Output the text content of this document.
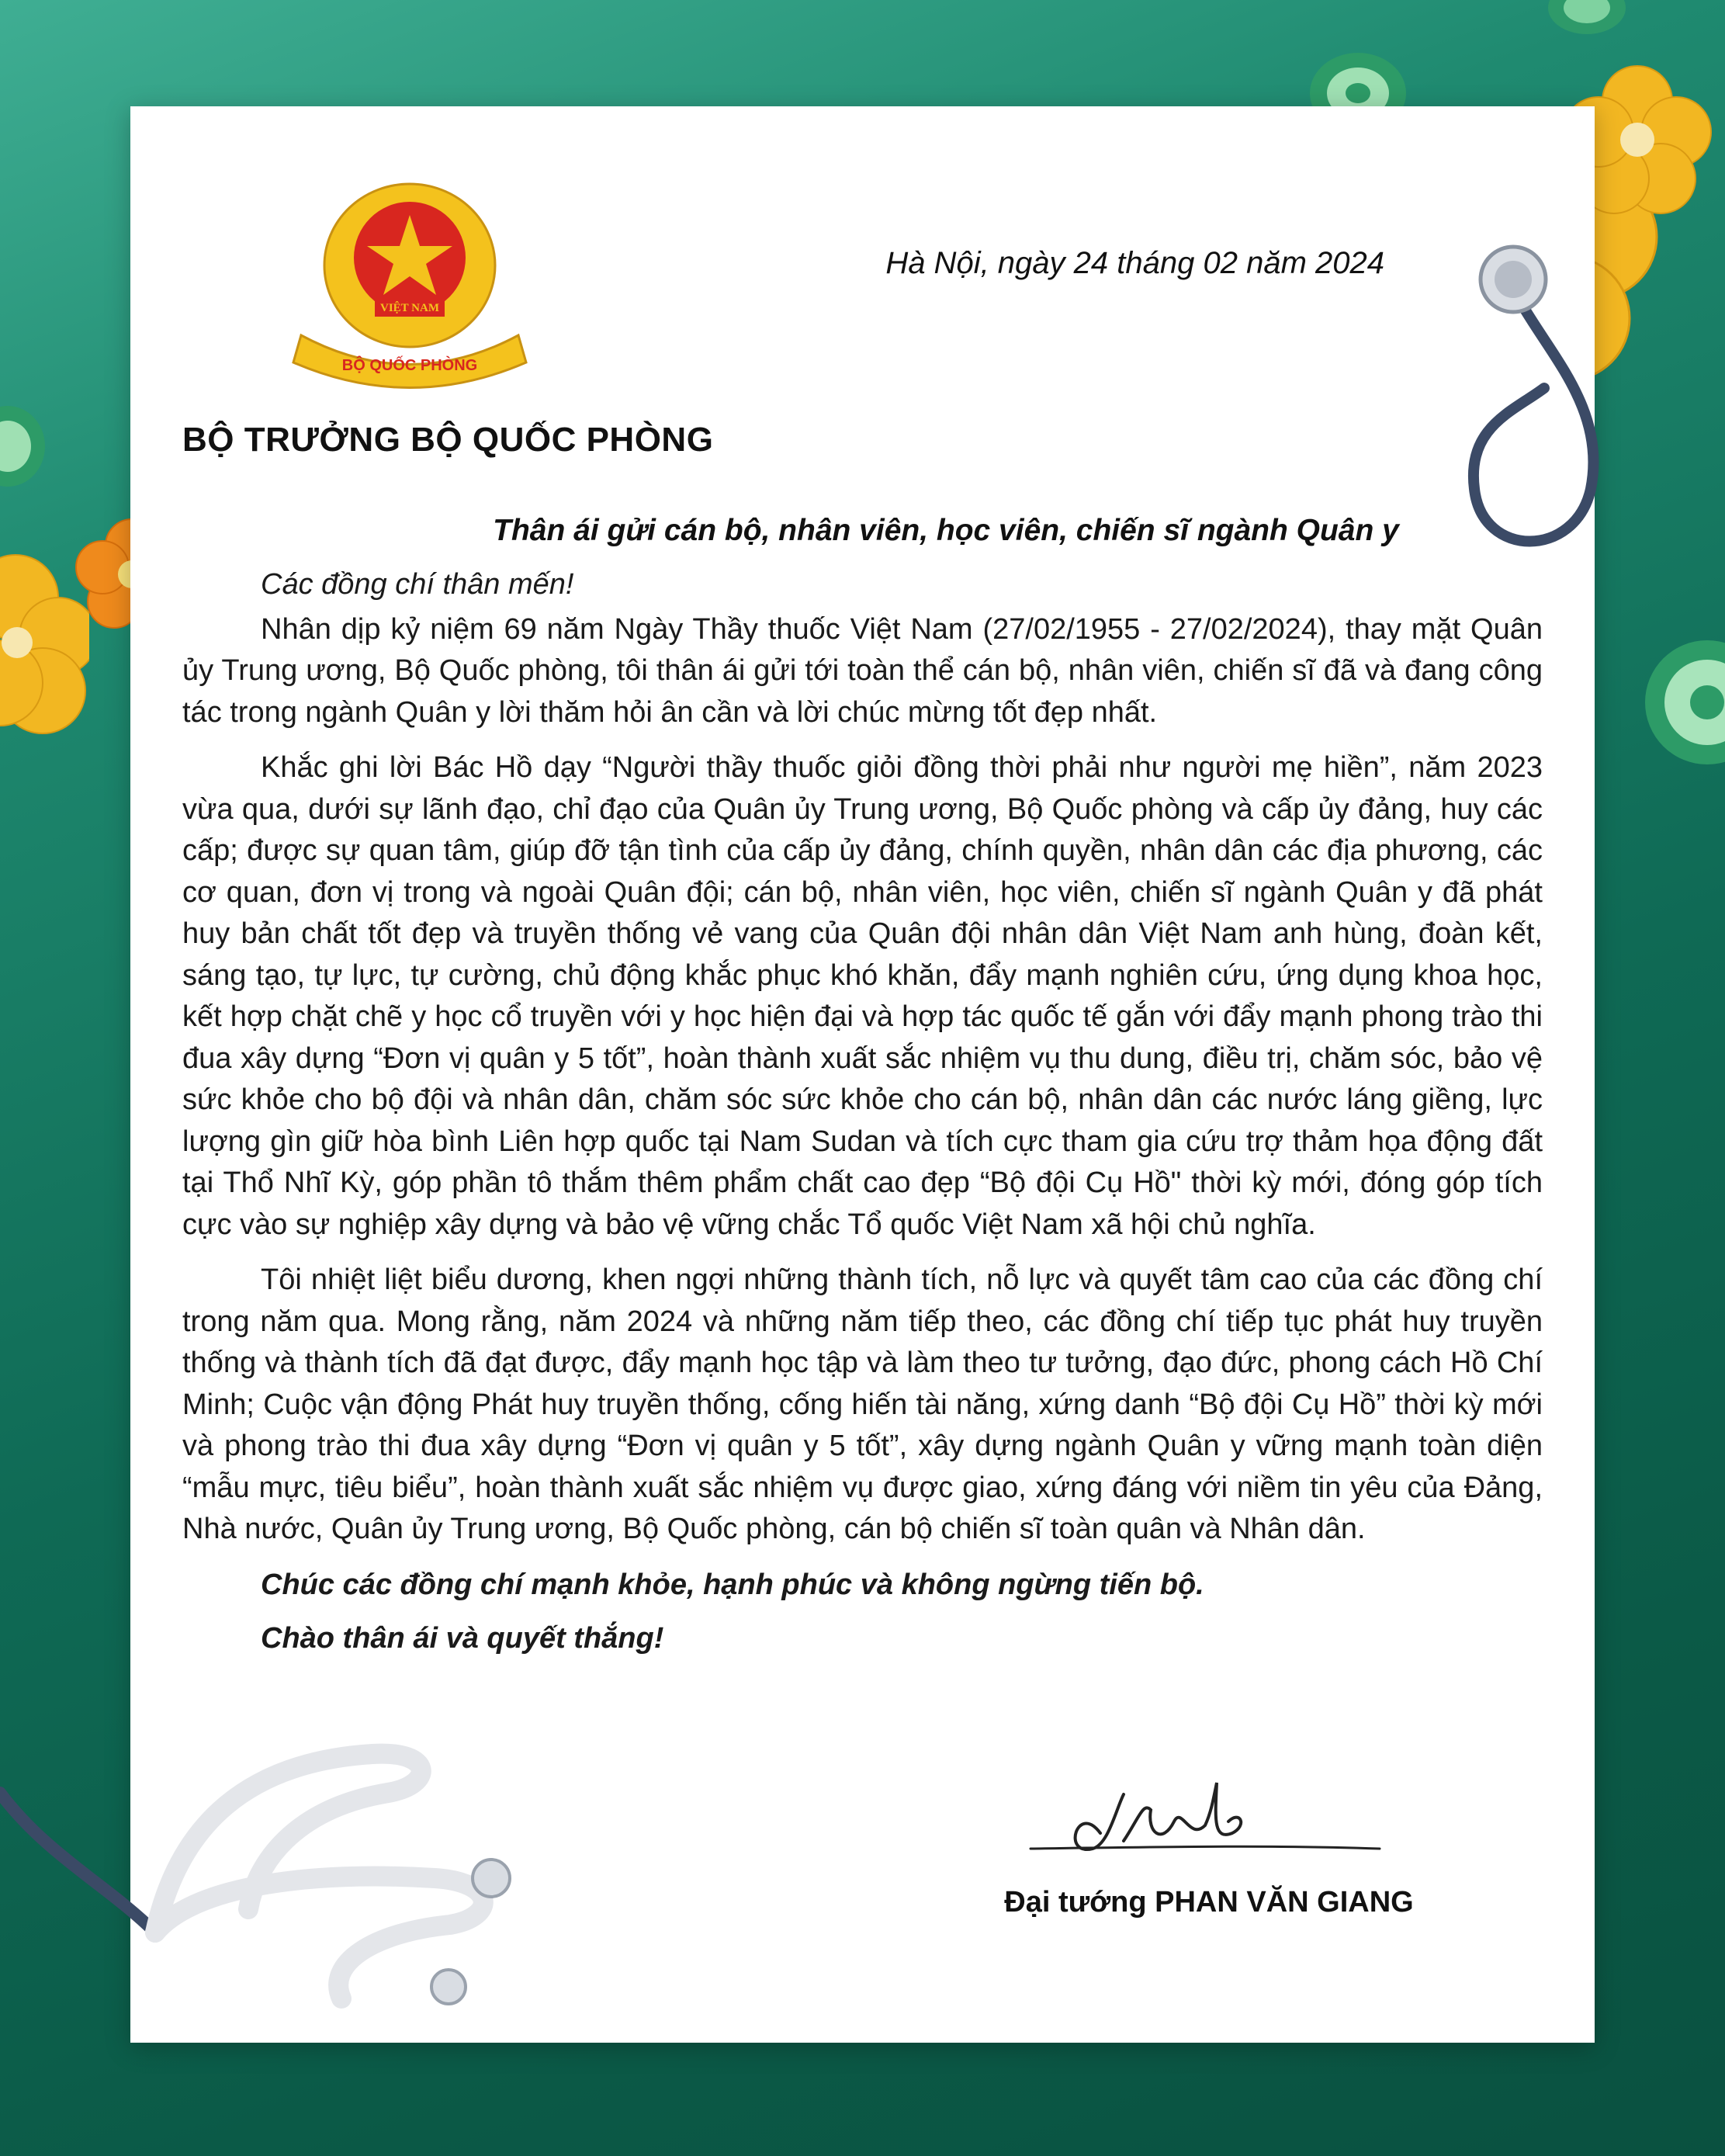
VIỆT NAM
BỘ QUỐC PHÒNG
Hà Nội, ngày 24 tháng 02 năm 2024
BỘ TRƯỞNG BỘ QUỐC PHÒNG
Thân ái gửi cán bộ, nhân viên, học viên, chiến sĩ ngành Quân y

Các đồng chí thân mến!

Nhân dịp kỷ niệm 69 năm Ngày Thầy thuốc Việt Nam (27/02/1955 - 27/02/2024), thay mặt Quân ủy Trung ương, Bộ Quốc phòng, tôi thân ái gửi tới toàn thể cán bộ, nhân viên, chiến sĩ đã và đang công tác trong ngành Quân y lời thăm hỏi ân cần và lời chúc mừng tốt đẹp nhất.

Khắc ghi lời Bác Hồ dạy “Người thầy thuốc giỏi đồng thời phải như người mẹ hiền”, năm 2023 vừa qua, dưới sự lãnh đạo, chỉ đạo của Quân ủy Trung ương, Bộ Quốc phòng và cấp ủy đảng, huy các cấp; được sự quan tâm, giúp đỡ tận tình của cấp ủy đảng, chính quyền, nhân dân các địa phương, các cơ quan, đơn vị trong và ngoài Quân đội; cán bộ, nhân viên, học viên, chiến sĩ ngành Quân y đã phát huy bản chất tốt đẹp và truyền thống vẻ vang của Quân đội nhân dân Việt Nam anh hùng, đoàn kết, sáng tạo, tự lực, tự cường, chủ động khắc phục khó khăn, đẩy mạnh nghiên cứu, ứng dụng khoa học, kết hợp chặt chẽ y học cổ truyền với y học hiện đại và hợp tác quốc tế gắn với đẩy mạnh phong trào thi đua xây dựng “Đơn vị quân y 5 tốt”, hoàn thành xuất sắc nhiệm vụ thu dung, điều trị, chăm sóc, bảo vệ sức khỏe cho bộ đội và nhân dân, chăm sóc sức khỏe cho cán bộ, nhân dân các nước láng giềng, lực lượng gìn giữ hòa bình Liên hợp quốc tại Nam Sudan và tích cực tham gia cứu trợ thảm họa động đất tại Thổ Nhĩ Kỳ, góp phần tô thắm thêm phẩm chất cao đẹp “Bộ đội Cụ Hồ" thời kỳ mới, đóng góp tích cực vào sự nghiệp xây dựng và bảo vệ vững chắc Tổ quốc Việt Nam xã hội chủ nghĩa.

Tôi nhiệt liệt biểu dương, khen ngợi những thành tích, nỗ lực và quyết tâm cao của các đồng chí trong năm qua. Mong rằng, năm 2024 và những năm tiếp theo, các đồng chí tiếp tục phát huy truyền thống và thành tích đã đạt được, đẩy mạnh học tập và làm theo tư tưởng, đạo đức, phong cách Hồ Chí Minh; Cuộc vận động Phát huy truyền thống, cống hiến tài năng, xứng danh “Bộ đội Cụ Hồ” thời kỳ mới và phong trào thi đua xây dựng “Đơn vị quân y 5 tốt”, xây dựng ngành Quân y vững mạnh toàn diện “mẫu mực, tiêu biểu”, hoàn thành xuất sắc nhiệm vụ được giao, xứng đáng với niềm tin yêu của Đảng, Nhà nước, Quân ủy Trung ương, Bộ Quốc phòng, cán bộ chiến sĩ toàn quân và Nhân dân.

Chúc các đồng chí mạnh khỏe, hạnh phúc và không ngừng tiến bộ.

Chào thân ái và quyết thắng!

Đại tướng PHAN VĂN GIANG
